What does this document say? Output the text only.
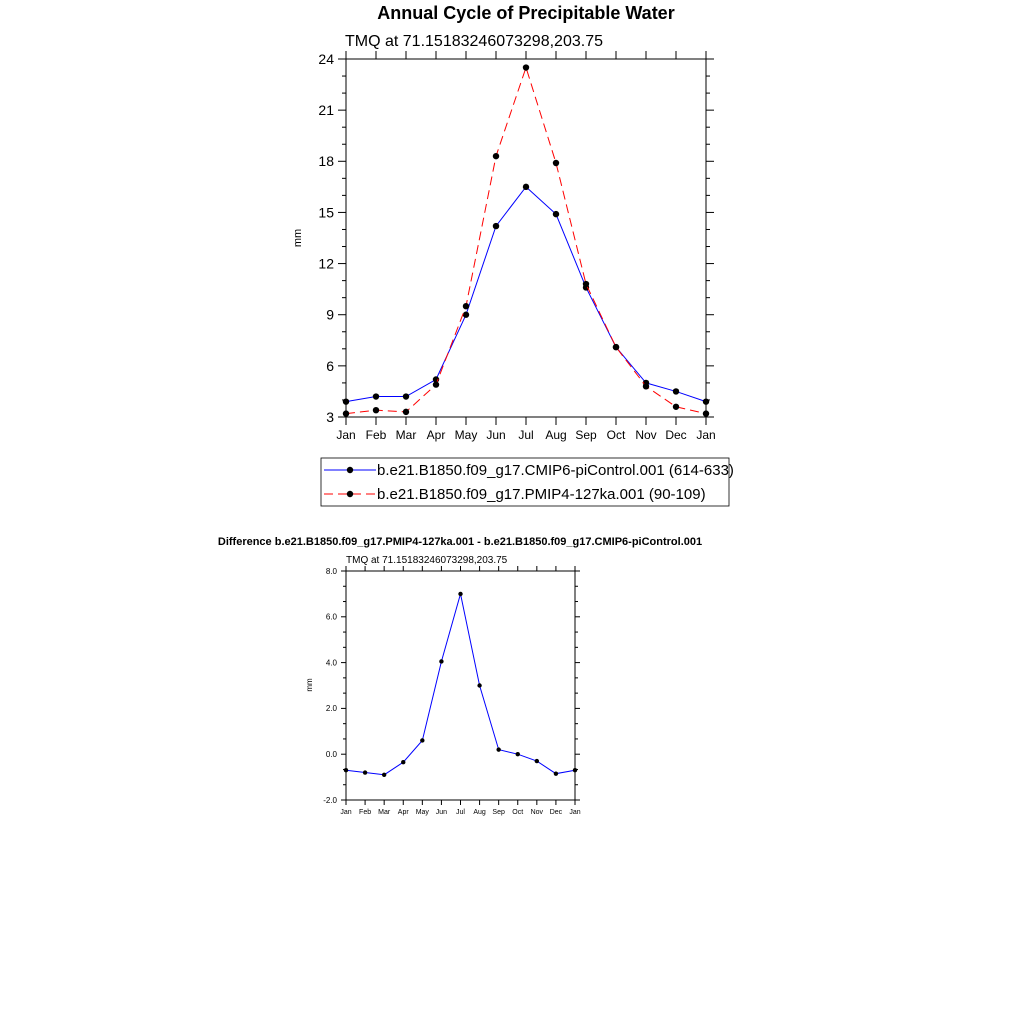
Annual Cycle of Precipitable Water
TMQ at 71.15183246073298,203.75
mm
3
6
9
12
15
18
21
24
Jan Feb Mar Apr May Jun Jul Aug Sep Oct Nov Dec Jan
b.e21.B1850.f09_g17.CMIP6-piControl.001 (614-633)
b.e21.B1850.f09_g17.PMIP4-127ka.001 (90-109)
Difference b.e21.B1850.f09_g17.PMIP4-127ka.001 - b.e21.B1850.f09_g17.CMIP6-piControl.001
TMQ at 71.15183246073298,203.75
mm
-2.0
0.0
2.0
4.0
6.0
8.0
Jan Feb Mar Apr May Jun Jul Aug Sep Oct Nov Dec Jan
